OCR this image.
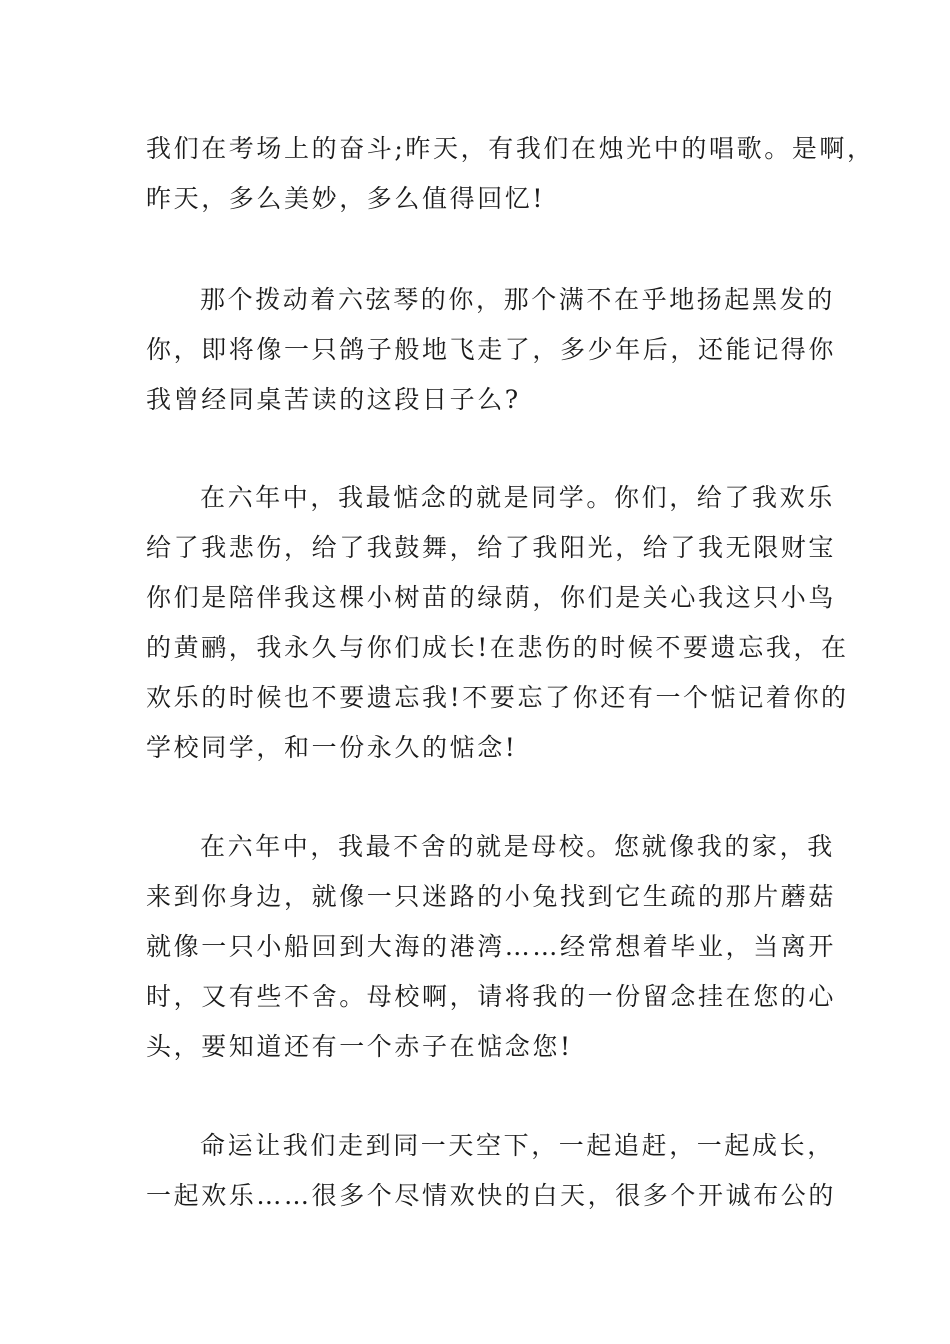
我们在考场上的奋斗;昨天，有我们在烛光中的唱歌。是啊，
昨天，多么美妙，多么值得回忆!
那个拨动着六弦琴的你，那个满不在乎地扬起黑发的
你，即将像一只鸽子般地飞走了，多少年后，还能记得你
我曾经同桌苦读的这段日子么?
在六年中，我最惦念的就是同学。你们，给了我欢乐
给了我悲伤，给了我鼓舞，给了我阳光，给了我无限财宝
你们是陪伴我这棵小树苗的绿荫，你们是关心我这只小鸟
的黄鹂，我永久与你们成长!在悲伤的时候不要遗忘我，在
欢乐的时候也不要遗忘我!不要忘了你还有一个惦记着你的
学校同学，和一份永久的惦念!
在六年中，我最不舍的就是母校。您就像我的家，我
来到你身边，就像一只迷路的小兔找到它生疏的那片蘑菇
就像一只小船回到大海的港湾……经常想着毕业，当离开
时，又有些不舍。母校啊，请将我的一份留念挂在您的心
头，要知道还有一个赤子在惦念您!
命运让我们走到同一天空下，一起追赶，一起成长，
一起欢乐……很多个尽情欢快的白天，很多个开诚布公的
